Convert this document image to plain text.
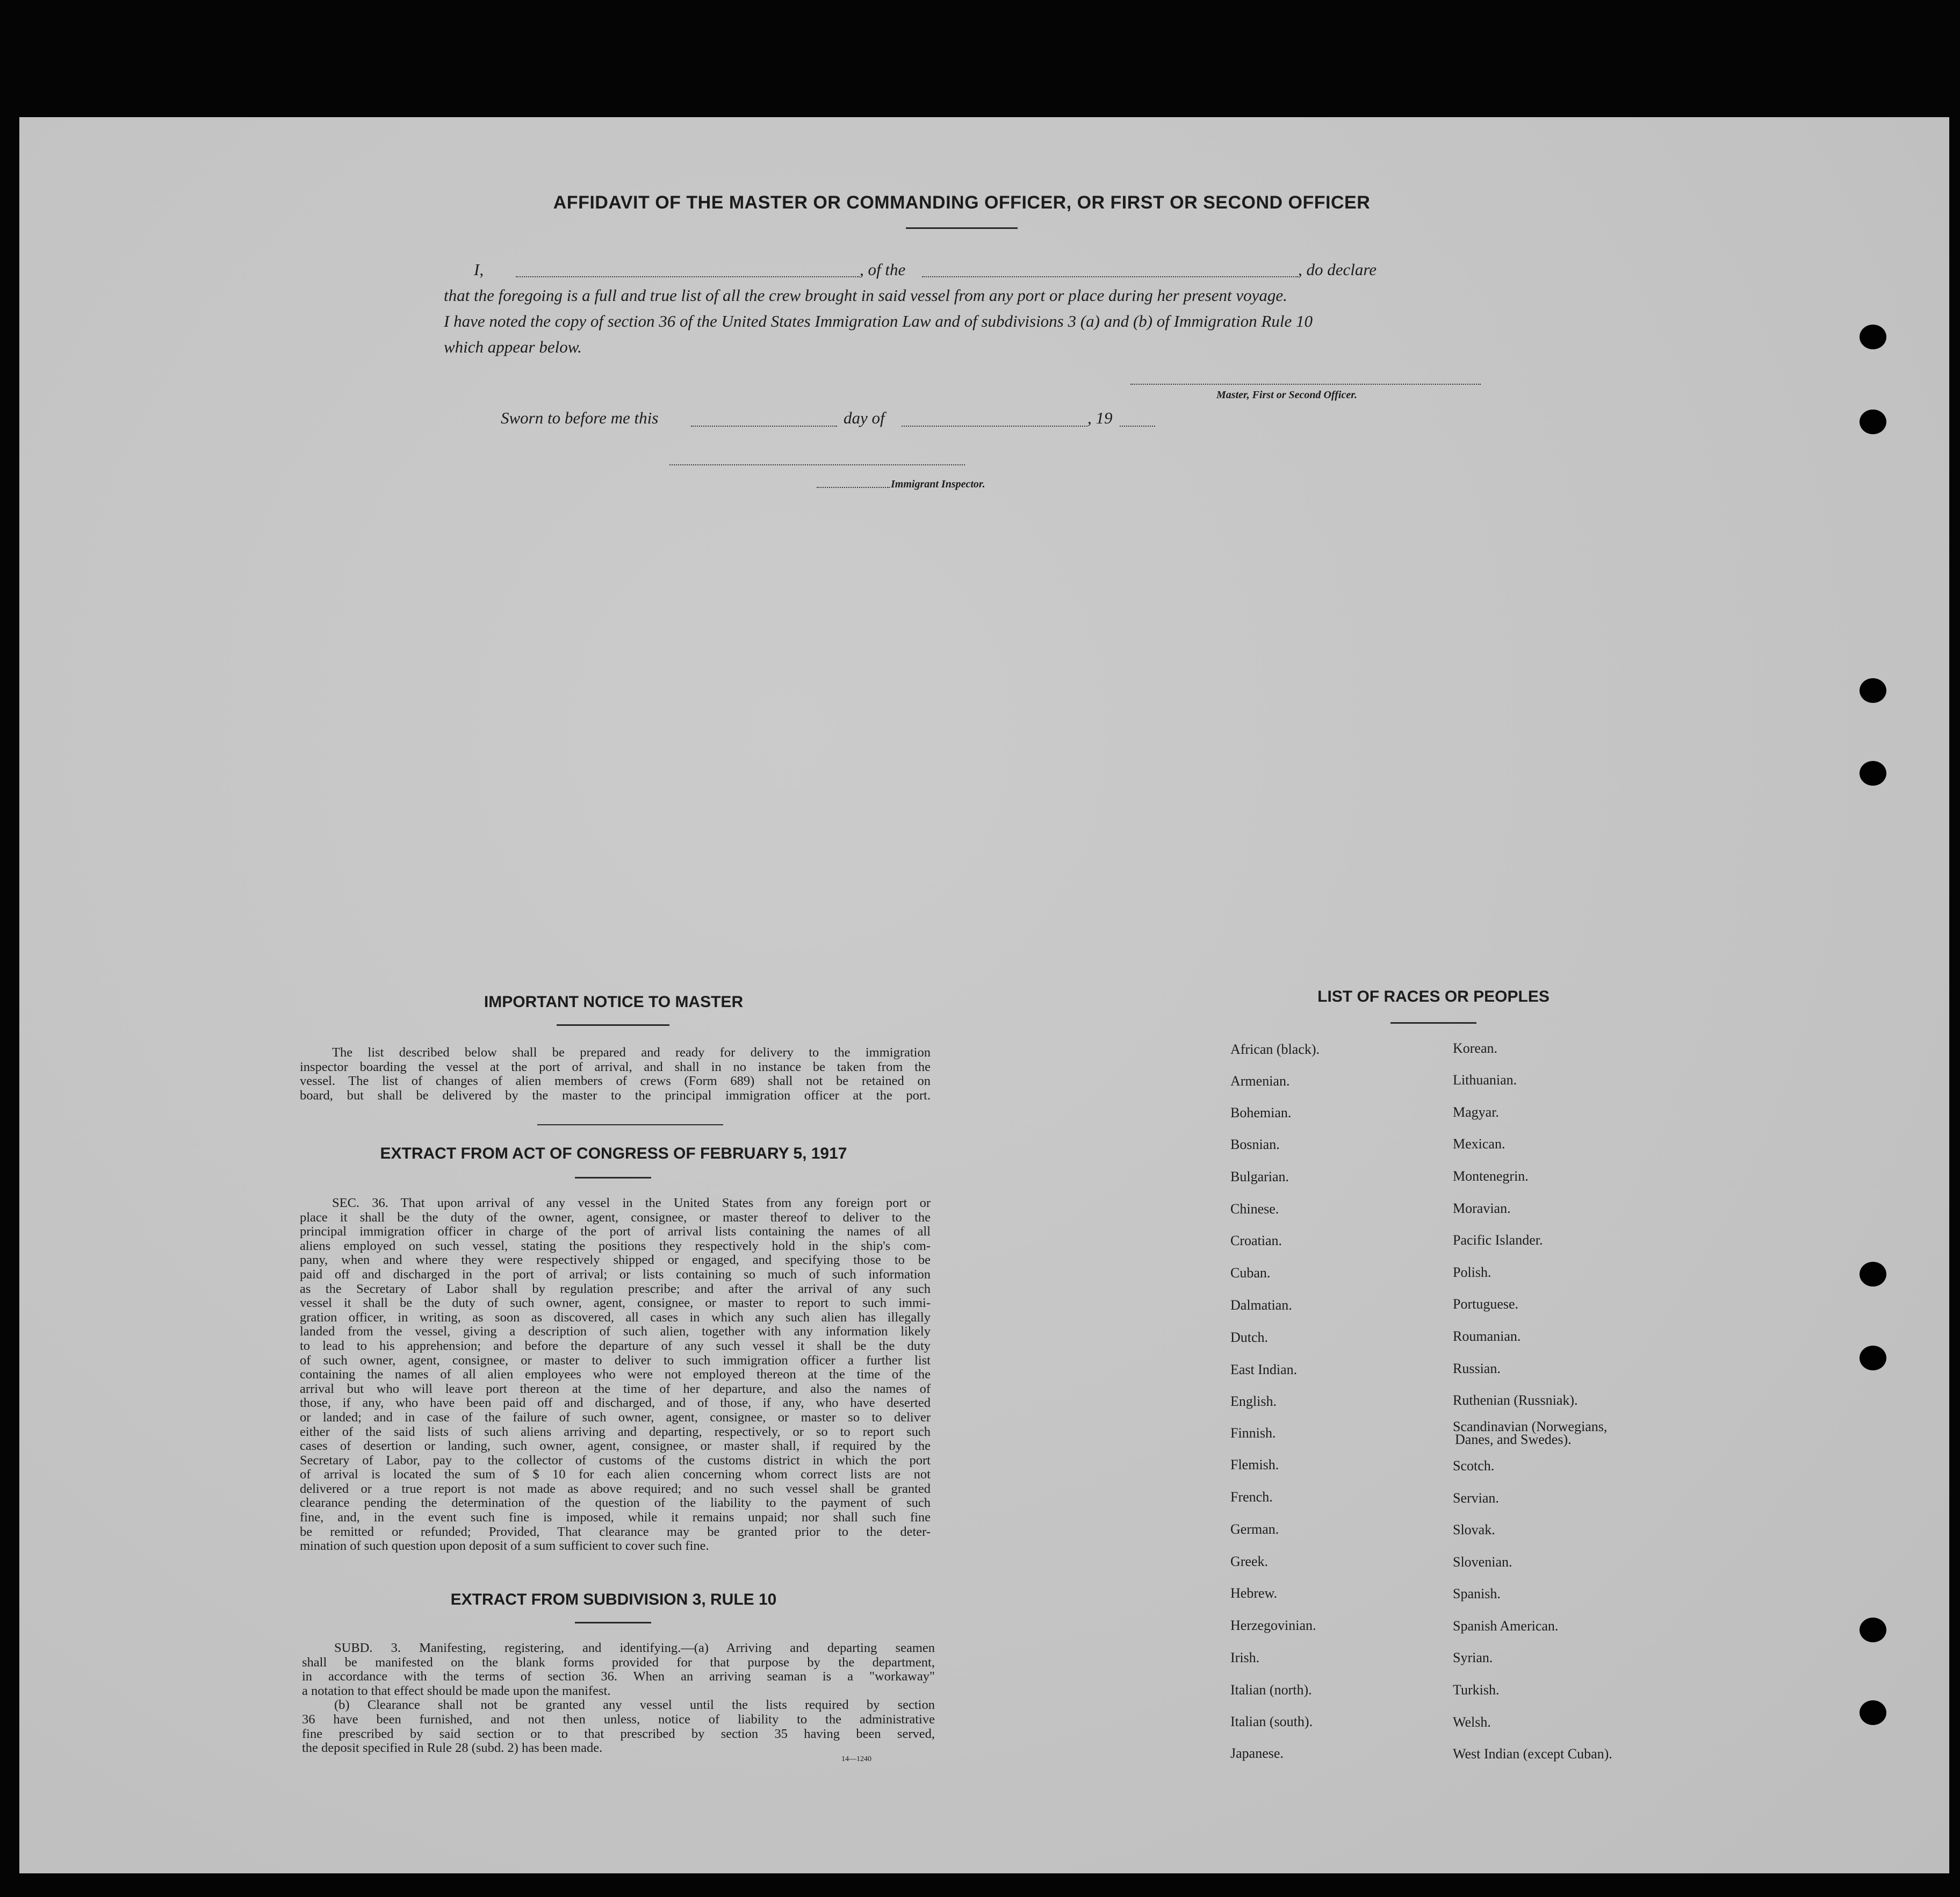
AFFIDAVIT OF THE MASTER OR COMMANDING OFFICER, OR FIRST OR SECOND OFFICER
I,	, of the	, do declare
that the foregoing is a full and true list of all the crew brought in said vessel from any port or place during her present voyage.
I have noted the copy of section 36 of the United States Immigration Law and of subdivisions 3 (a) and (b) of Immigration Rule 10
which appear below.
Master, First or Second Officer.
Sworn to before me this	day of	, 19
Immigrant Inspector.
IMPORTANT NOTICE TO MASTER
The list described below shall be prepared and ready for delivery to the immigration
inspector boarding the vessel at the port of arrival, and shall in no instance be taken from the
vessel. The list of changes of alien members of crews (Form 689) shall not be retained on
board, but shall be delivered by the master to the principal immigration officer at the port.
EXTRACT FROM ACT OF CONGRESS OF FEBRUARY 5, 1917
SEC. 36. That upon arrival of any vessel in the United States from any foreign port or
place it shall be the duty of the owner, agent, consignee, or master thereof to deliver to the
principal immigration officer in charge of the port of arrival lists containing the names of all
aliens employed on such vessel, stating the positions they respectively hold in the ship's com-
pany, when and where they were respectively shipped or engaged, and specifying those to be
paid off and discharged in the port of arrival; or lists containing so much of such information
as the Secretary of Labor shall by regulation prescribe; and after the arrival of any such
vessel it shall be the duty of such owner, agent, consignee, or master to report to such immi-
gration officer, in writing, as soon as discovered, all cases in which any such alien has illegally
landed from the vessel, giving a description of such alien, together with any information likely
to lead to his apprehension; and before the departure of any such vessel it shall be the duty
of such owner, agent, consignee, or master to deliver to such immigration officer a further list
containing the names of all alien employees who were not employed thereon at the time of the
arrival but who will leave port thereon at the time of her departure, and also the names of
those, if any, who have been paid off and discharged, and of those, if any, who have deserted
or landed; and in case of the failure of such owner, agent, consignee, or master so to deliver
either of the said lists of such aliens arriving and departing, respectively, or so to report such
cases of desertion or landing, such owner, agent, consignee, or master shall, if required by the
Secretary of Labor, pay to the collector of customs of the customs district in which the port
of arrival is located the sum of $ 10 for each alien concerning whom correct lists are not
delivered or a true report is not made as above required; and no such vessel shall be granted
clearance pending the determination of the question of the liability to the payment of such
fine, and, in the event such fine is imposed, while it remains unpaid; nor shall such fine
be remitted or refunded; Provided, That clearance may be granted prior to the deter-
mination of such question upon deposit of a sum sufficient to cover such fine.
EXTRACT FROM SUBDIVISION 3, RULE 10
SUBD. 3. Manifesting, registering, and identifying.—(a) Arriving and departing seamen
shall be manifested on the blank forms provided for that purpose by the department,
in accordance with the terms of section 36. When an arriving seaman is a "workaway"
a notation to that effect should be made upon the manifest.
(b) Clearance shall not be granted any vessel until the lists required by section
36 have been furnished, and not then unless, notice of liability to the administrative
fine prescribed by said section or to that prescribed by section 35 having been served,
the deposit specified in Rule 28 (subd. 2) has been made.
14—1240
LIST OF RACES OR PEOPLES
African (black).
Armenian.
Bohemian.
Bosnian.
Bulgarian.
Chinese.
Croatian.
Cuban.
Dalmatian.
Dutch.
East Indian.
English.
Finnish.
Flemish.
French.
German.
Greek.
Hebrew.
Herzegovinian.
Irish.
Italian (north).
Italian (south).
Japanese.
Korean.
Lithuanian.
Magyar.
Mexican.
Montenegrin.
Moravian.
Pacific Islander.
Polish.
Portuguese.
Roumanian.
Russian.
Ruthenian (Russniak).
Scandinavian (Norwegians,
Danes, and Swedes).
Scotch.
Servian.
Slovak.
Slovenian.
Spanish.
Spanish American.
Syrian.
Turkish.
Welsh.
West Indian (except Cuban).
